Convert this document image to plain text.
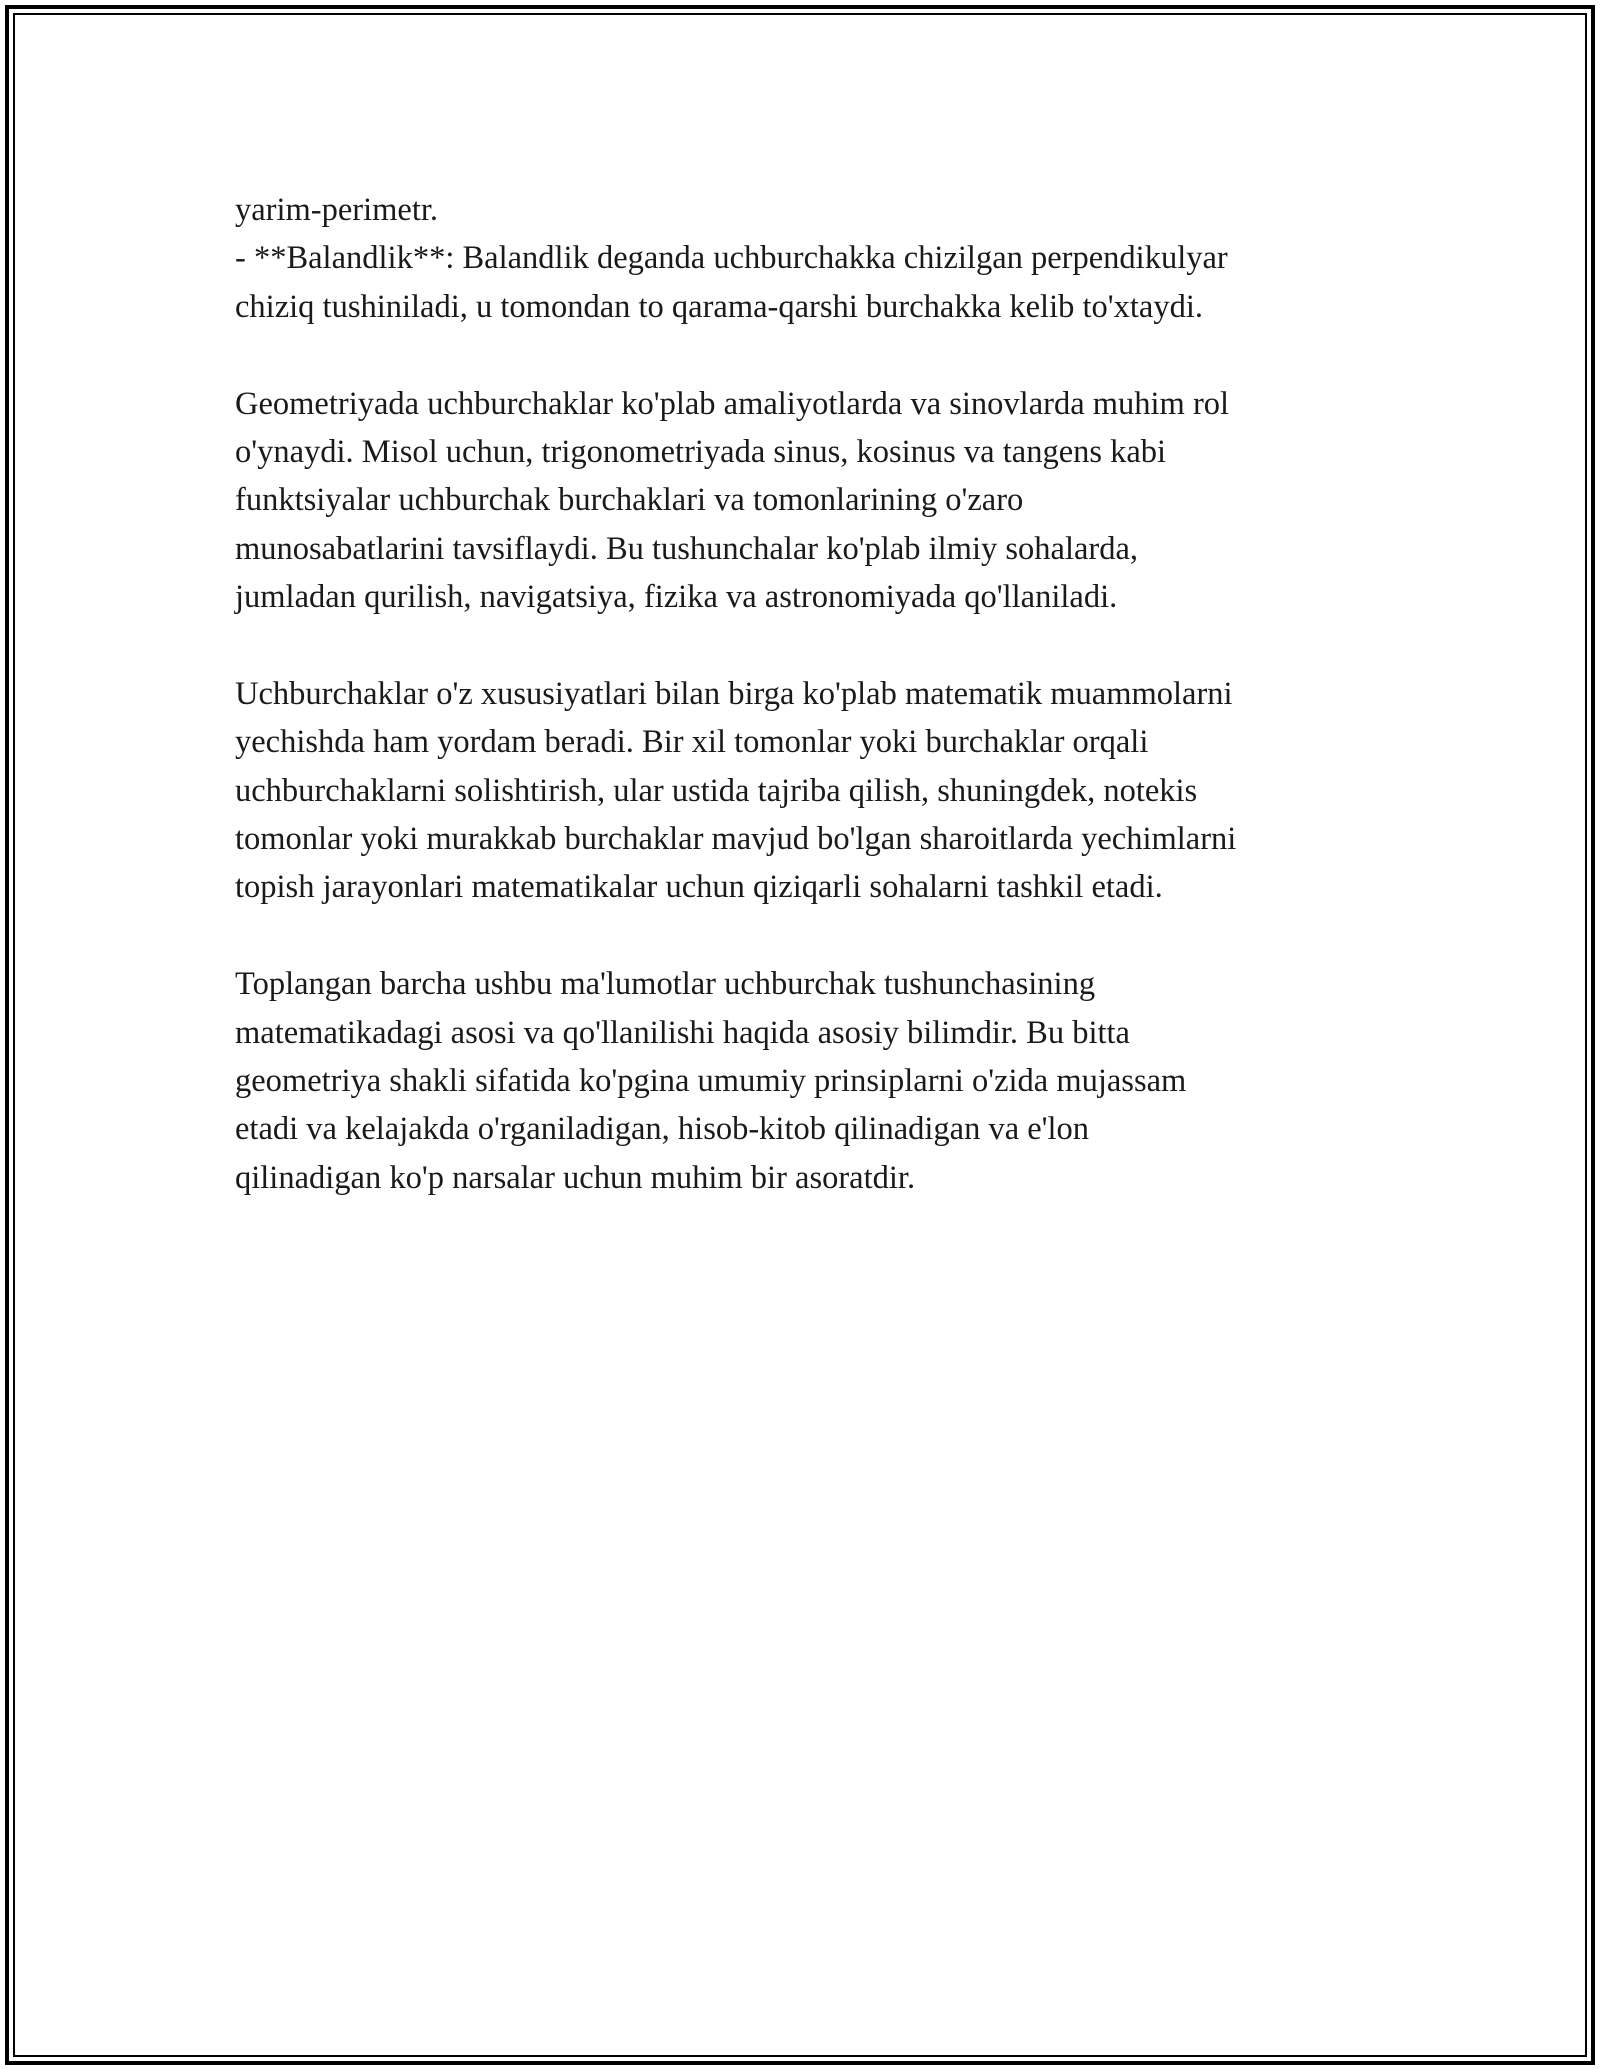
yarim-perimetr.
- **Balandlik**: Balandlik deganda uchburchakka chizilgan perpendikulyar
chiziq tushiniladi, u tomondan to qarama-qarshi burchakka kelib to'xtaydi.
Geometriyada uchburchaklar ko'plab amaliyotlarda va sinovlarda muhim rol
o'ynaydi. Misol uchun, trigonometriyada sinus, kosinus va tangens kabi
funktsiyalar uchburchak burchaklari va tomonlarining o'zaro
munosabatlarini tavsiflaydi. Bu tushunchalar ko'plab ilmiy sohalarda,
jumladan qurilish, navigatsiya, fizika va astronomiyada qo'llaniladi.
Uchburchaklar o'z xususiyatlari bilan birga ko'plab matematik muammolarni
yechishda ham yordam beradi. Bir xil tomonlar yoki burchaklar orqali
uchburchaklarni solishtirish, ular ustida tajriba qilish, shuningdek, notekis
tomonlar yoki murakkab burchaklar mavjud bo'lgan sharoitlarda yechimlarni
topish jarayonlari matematikalar uchun qiziqarli sohalarni tashkil etadi.
Toplangan barcha ushbu ma'lumotlar uchburchak tushunchasining
matematikadagi asosi va qo'llanilishi haqida asosiy bilimdir. Bu bitta
geometriya shakli sifatida ko'pgina umumiy prinsiplarni o'zida mujassam
etadi va kelajakda o'rganiladigan, hisob-kitob qilinadigan va e'lon
qilinadigan ko'p narsalar uchun muhim bir asoratdir.
